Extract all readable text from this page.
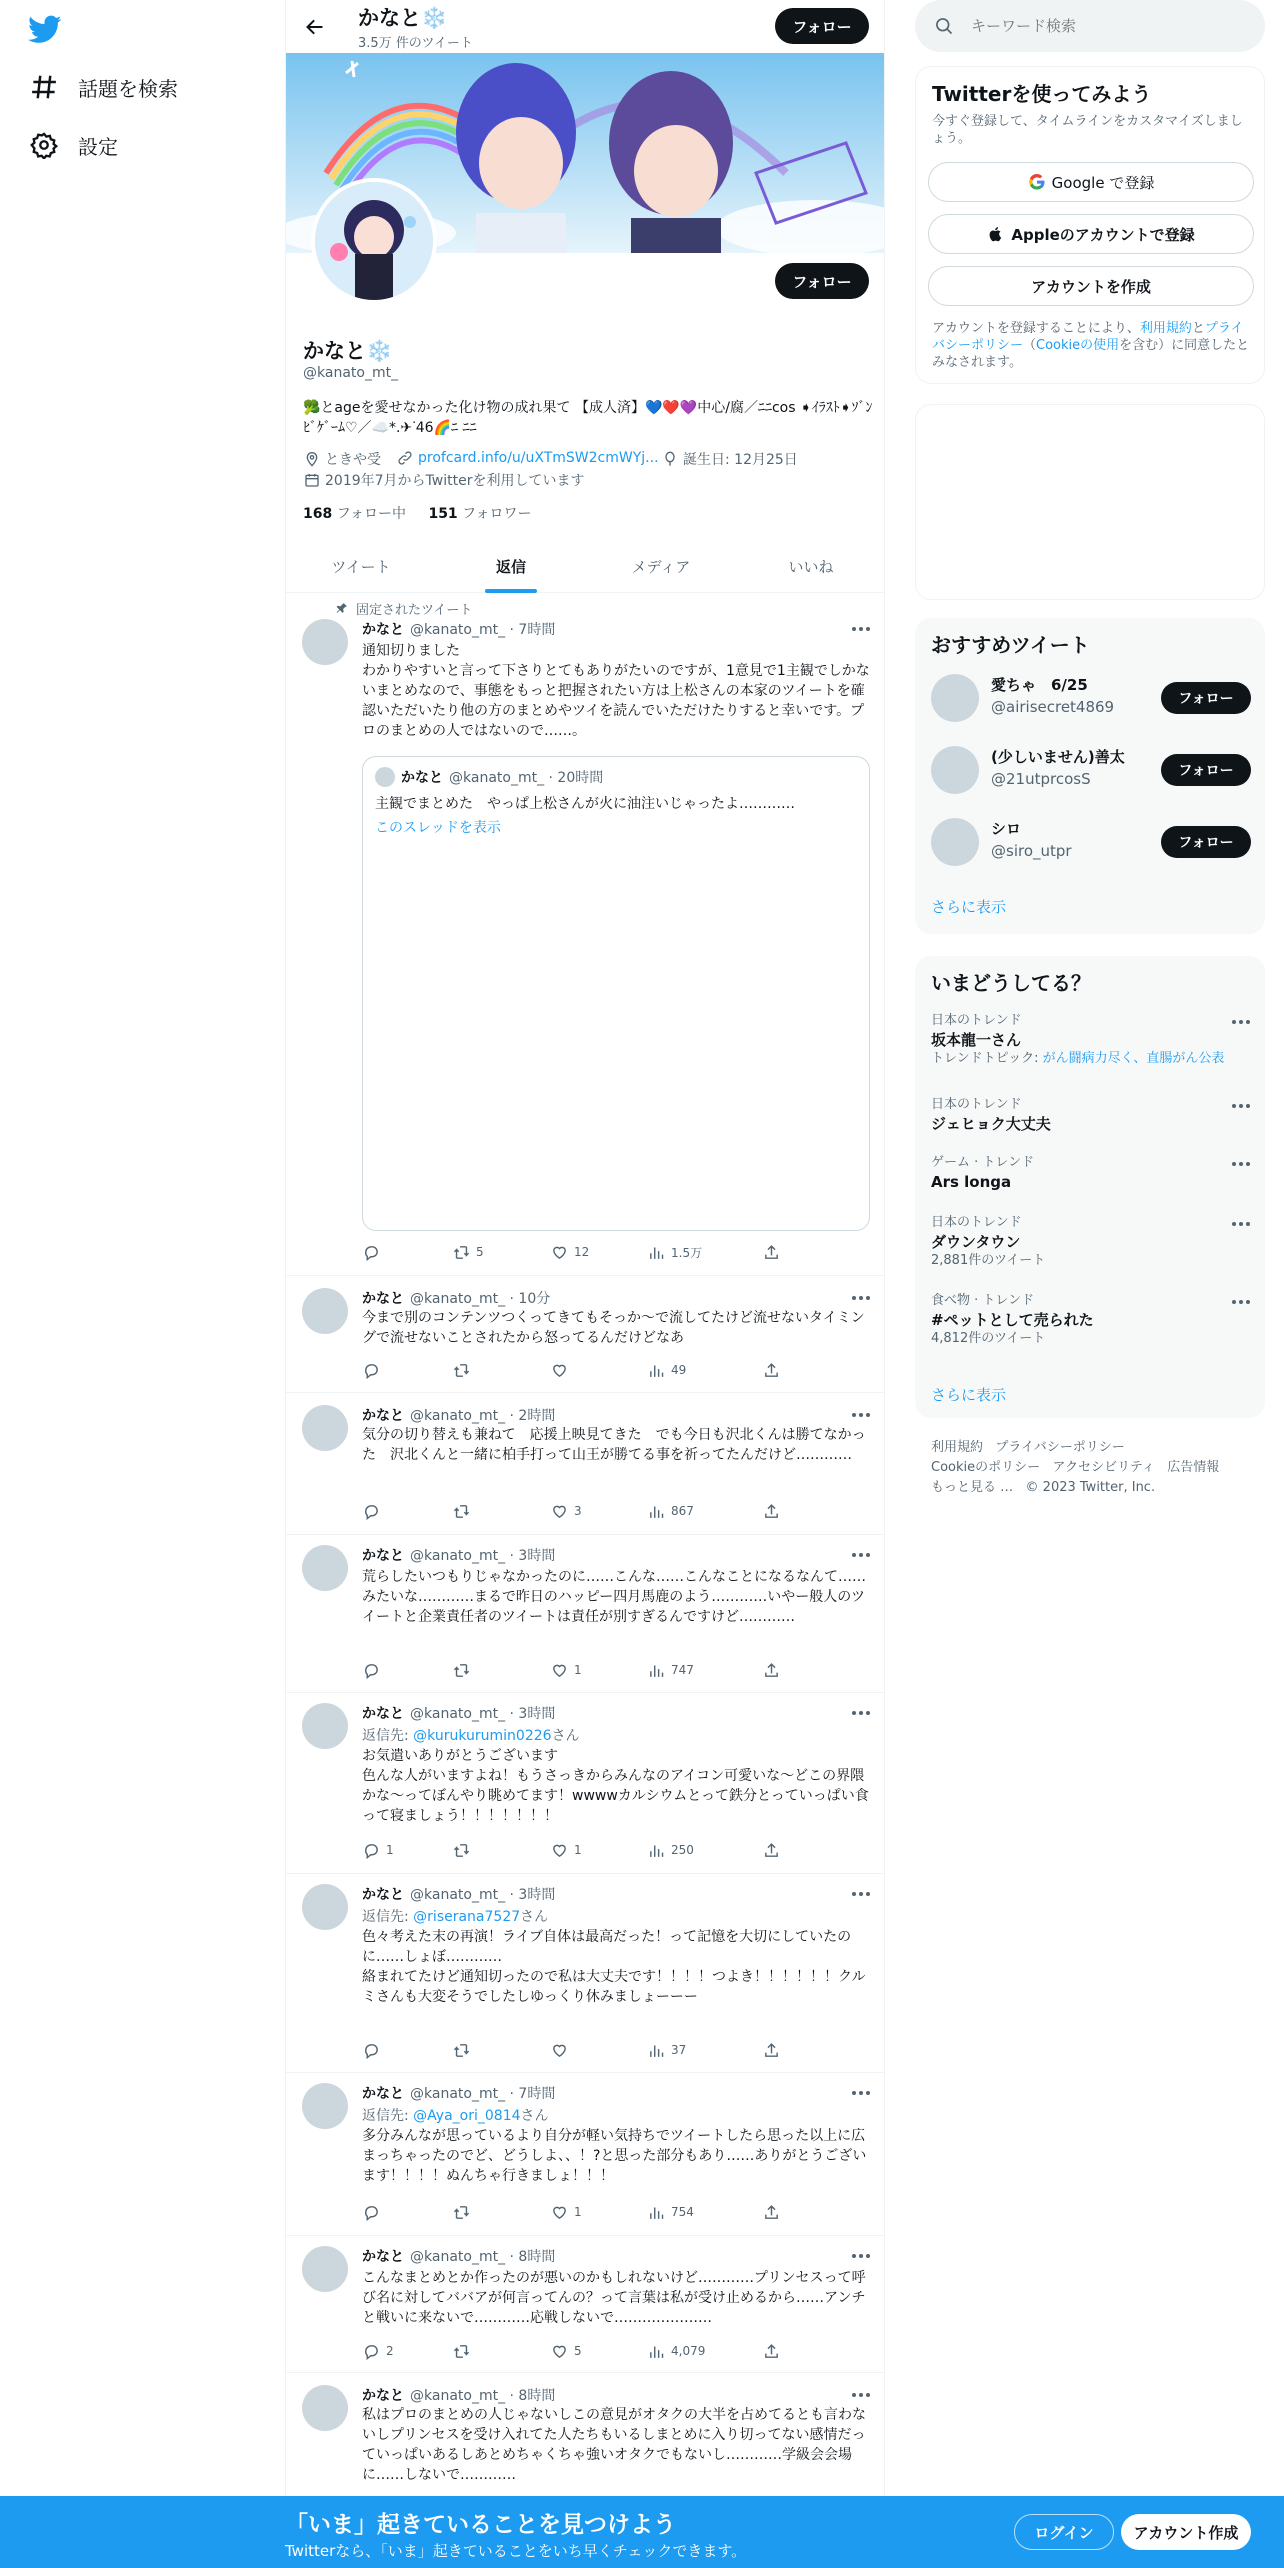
話題を検索
設定
かなと❄️
3.5万 件のツイート
フォロー
フォロー
かなと❄️
@kanato_mt_
🥦とageを愛せなかった化け物の成れ果て 【成人済】💙❤️💜中心/腐／ﾆﾆcos ➧ｲﾗｽﾄ➧ｿﾞﾝﾋﾞｹﾞｰﾑ♡／☁️*.✈︎ᐝ46🌈ﾆ ﾆﾆ
ときや受	profcard.info/u/uXTmSW2cmWYj... 誕生日: 12月25日
2019年7月からTwitterを利用しています
168 フォロー中 151 フォロワー
ツイート	返信	メディア	いいね
固定されたツイート
かなと @kanato_mt_ · 7時間
通知切りました
わかりやすいと言って下さりとてもありがたいのですが、1意見で1主観でしかないまとめなので、事態をもっと把握されたい方は上松さんの本家のツイートを確認いただいたり他の方のまとめやツイを読んでいただけたりすると幸いです。プロのまとめの人ではないので……。
5	12	1.5万
かなと @kanato_mt_ · 20時間
主観でまとめた　やっぱ上松さんが火に油注いじゃったよ…………
このスレッドを表示
かなと @kanato_mt_ · 10分
今まで別のコンテンツつくってきてもそっか〜で流してたけど流せないタイミングで流せないことされたから怒ってるんだけどなあ
49
かなと @kanato_mt_ · 2時間
気分の切り替えも兼ねて　応援上映見てきた　でも今日も沢北くんは勝てなかった　沢北くんと一緒に柏手打って山王が勝てる事を祈ってたんだけど…………
3	867
かなと @kanato_mt_ · 3時間
荒らしたいつもりじゃなかったのに……こんな……こんなことになるなんて……みたいな…………まるで昨日のハッピー四月馬鹿のよう…………いやー般人のツイートと企業責任者のツイートは責任が別すぎるんですけど…………
1	747
かなと @kanato_mt_ · 3時間
返信先: @kurukurumin0226さん
お気遣いありがとうございます
色んな人がいますよね！もうさっきからみんなのアイコン可愛いな〜どこの界隈かな〜ってぼんやり眺めてます！wwwwカルシウムとって鉄分とっていっぱい食って寝ましょう！！！！！！！
1	1	250
かなと @kanato_mt_ · 3時間
返信先: @riserana7527さん
色々考えた末の再演！ライブ自体は最高だった！って記憶を大切にしていたのに……しょぼ…………
絡まれてたけど通知切ったので私は大丈夫です！！！！つよき！！！！！！クルミさんも大変そうでしたしゆっくり休みましょーーー
37
かなと @kanato_mt_ · 7時間
返信先: @Aya_ori_0814さん
多分みんなが思っているより自分が軽い気持ちでツイートしたら思った以上に広まっちゃったのでど、どうしよ、、！?と思った部分もあり……ありがとうございます！！！！ぬんちゃ行きましょ！！！
1	754
かなと @kanato_mt_ · 8時間
こんなまとめとか作ったのが悪いのかもしれないけど…………プリンセスって呼び名に対してババアが何言ってんの？って言葉は私が受け止めるから……アンチと戦いに来ないで…………応戦しないで…………………
2	5	4,079
かなと @kanato_mt_ · 8時間
私はプロのまとめの人じゃないしこの意見がオタクの大半を占めてるとも言わないしプリンセスを受け入れてた人たちもいるしまとめに入り切ってない感情だっていっぱいあるしあとめちゃくちゃ強いオタクでもないし…………学級会会場に……しないで…………
キーワード検索
Twitterを使ってみよう
今すぐ登録して、タイムラインをカスタマイズしましょう。
Google で登録
Appleのアカウントで登録
アカウントを作成
アカウントを登録することにより、利用規約とプライバシーポリシー（Cookieの使用を含む）に同意したとみなされます。
おすすめツイート
愛ちゃ　6/25
@airisecret4869	フォロー
(少しいません)善太
@21utprcosS	フォロー
シロ
@siro_utpr	フォロー
さらに表示
いまどうしてる？
日本のトレンド
坂本龍一さん
トレンドトピック: がん闘病力尽く、直腸がん公表
日本のトレンド
ジェヒョク大丈夫
ゲーム · トレンド
Ars longa
日本のトレンド
ダウンタウン
2,881件のツイート
食べ物 · トレンド
#ペットとして売られた
4,812件のツイート
さらに表示
利用規約 プライバシーポリシー
Cookieのポリシー アクセシビリティ 広告情報
もっと見る … © 2023 Twitter, Inc.
「いま」起きていることを見つけよう
Twitterなら、「いま」起きていることをいち早くチェックできます。
ログイン	アカウント作成
